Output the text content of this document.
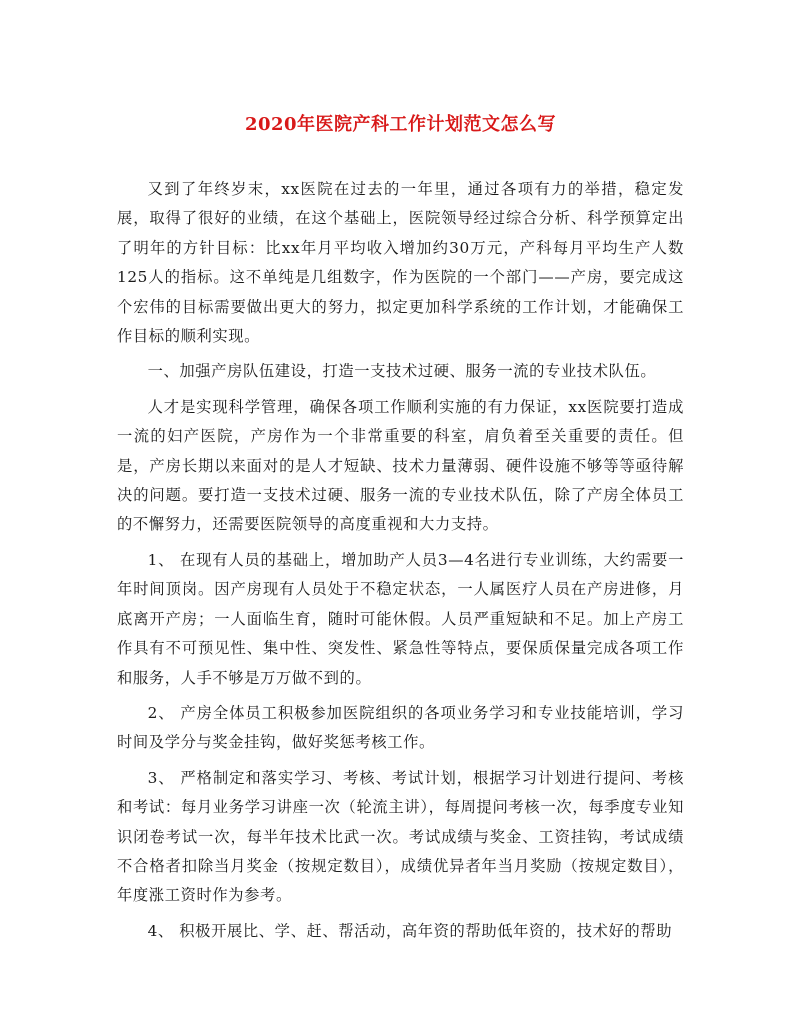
2020年医院产科工作计划范文怎么写

又到了年终岁末，xx医院在过去的一年里，通过各项有力的举措，稳定发展，取得了很好的业绩，在这个基础上，医院领导经过综合分析、科学预算定出了明年的方针目标：比xx年月平均收入增加约30万元，产科每月平均生产人数125人的指标。这不单纯是几组数字，作为医院的一个部门——产房，要完成这个宏伟的目标需要做出更大的努力，拟定更加科学系统的工作计划，才能确保工作目标的顺利实现。

一、加强产房队伍建设，打造一支技术过硬、服务一流的专业技术队伍。

人才是实现科学管理，确保各项工作顺利实施的有力保证，xx医院要打造成一流的妇产医院，产房作为一个非常重要的科室，肩负着至关重要的责任。但是，产房长期以来面对的是人才短缺、技术力量薄弱、硬件设施不够等等亟待解决的问题。要打造一支技术过硬、服务一流的专业技术队伍，除了产房全体员工的不懈努力，还需要医院领导的高度重视和大力支持。

1、 在现有人员的基础上，增加助产人员3—4名进行专业训练，大约需要一年时间顶岗。因产房现有人员处于不稳定状态，一人属医疗人员在产房进修，月底离开产房；一人面临生育，随时可能休假。人员严重短缺和不足。加上产房工作具有不可预见性、集中性、突发性、紧急性等特点，要保质保量完成各项工作和服务，人手不够是万万做不到的。

2、 产房全体员工积极参加医院组织的各项业务学习和专业技能培训，学习时间及学分与奖金挂钩，做好奖惩考核工作。

3、 严格制定和落实学习、考核、考试计划，根据学习计划进行提问、考核和考试：每月业务学习讲座一次（轮流主讲），每周提问考核一次，每季度专业知识闭卷考试一次，每半年技术比武一次。考试成绩与奖金、工资挂钩，考试成绩不合格者扣除当月奖金（按规定数目），成绩优异者年当月奖励（按规定数目），年度涨工资时作为参考。

4、 积极开展比、学、赶、帮活动，高年资的帮助低年资的，技术好的帮助
